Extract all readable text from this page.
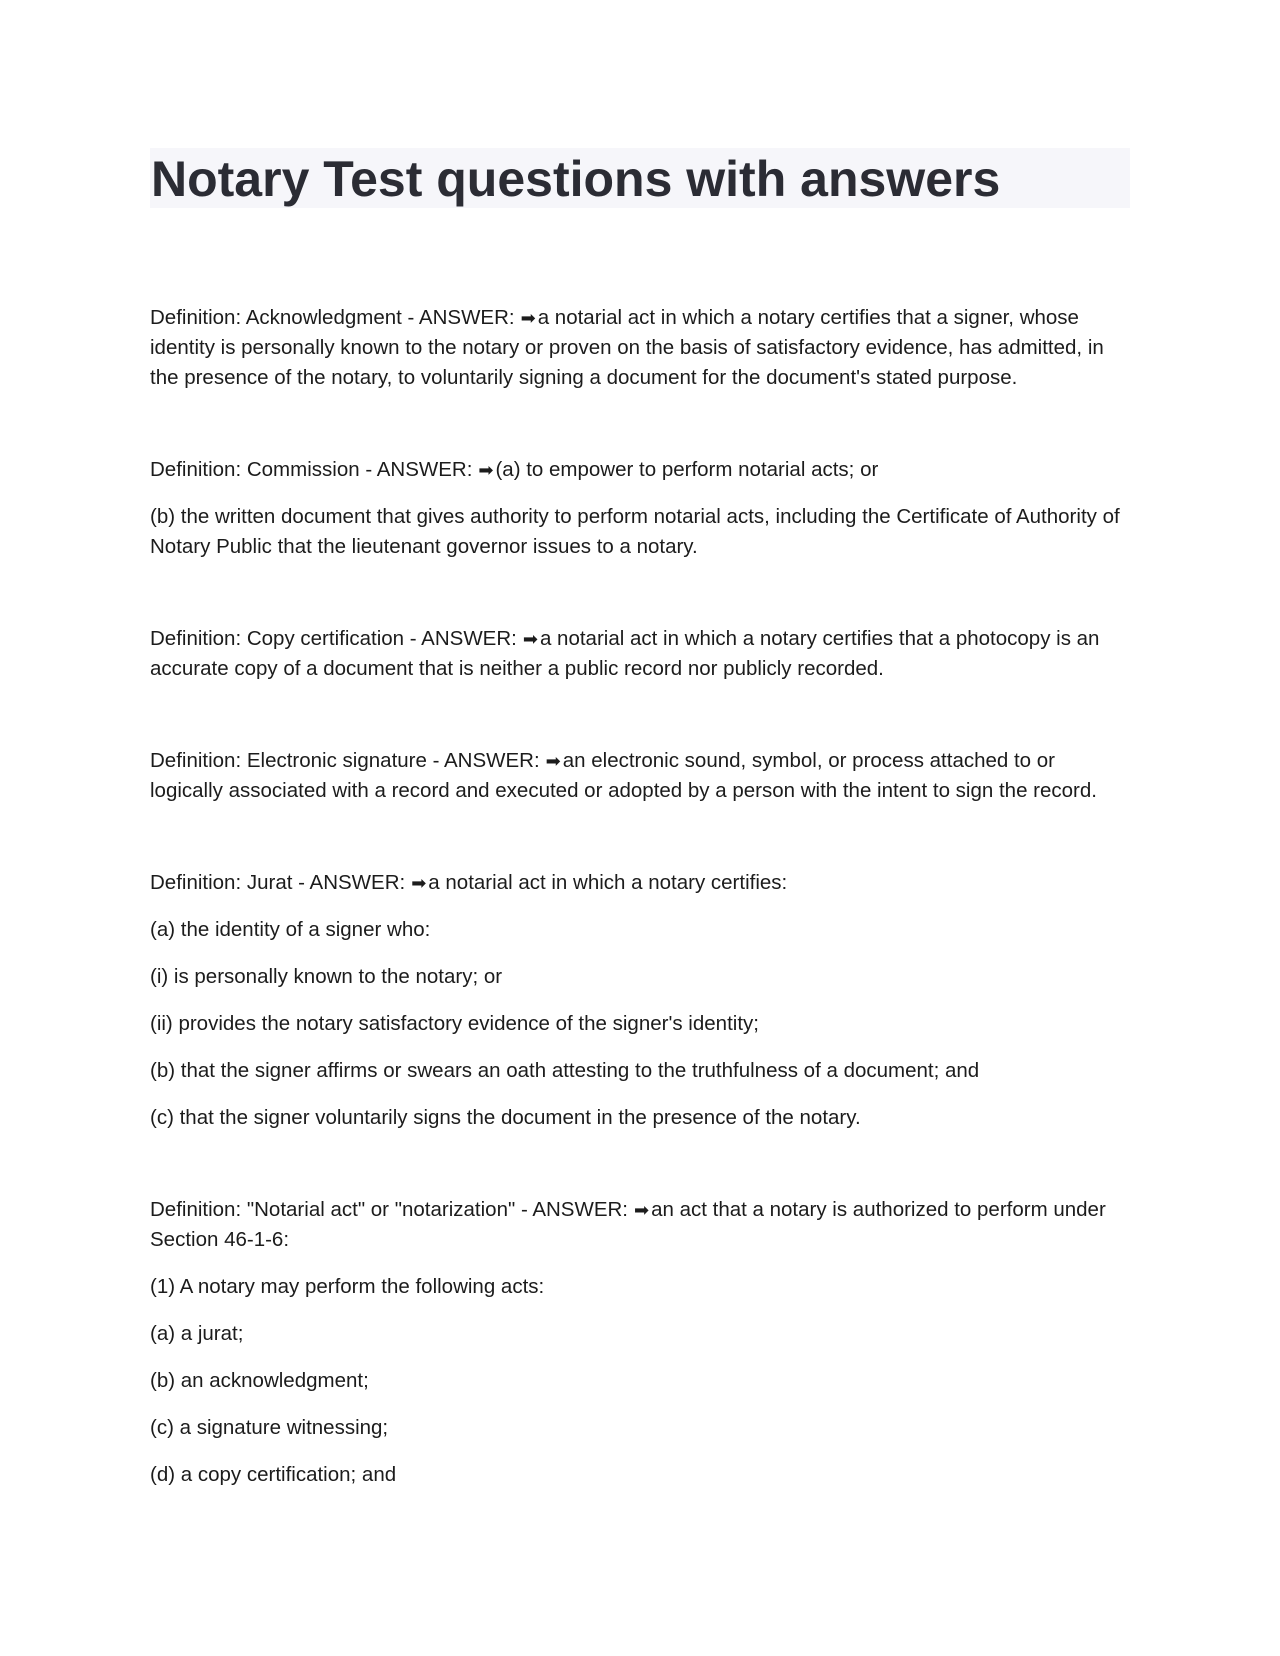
Notary Test questions with answers

Definition: Acknowledgment - ANSWER: ➡a notarial act in which a notary certifies that a signer, whose identity is personally known to the notary or proven on the basis of satisfactory evidence, has admitted, in the presence of the notary, to voluntarily signing a document for the document's stated purpose.

Definition: Commission - ANSWER: ➡(a) to empower to perform notarial acts; or

(b) the written document that gives authority to perform notarial acts, including the Certificate of Authority of Notary Public that the lieutenant governor issues to a notary.

Definition: Copy certification - ANSWER: ➡a notarial act in which a notary certifies that a photocopy is an accurate copy of a document that is neither a public record nor publicly recorded.

Definition: Electronic signature - ANSWER: ➡an electronic sound, symbol, or process attached to or logically associated with a record and executed or adopted by a person with the intent to sign the record.

Definition: Jurat - ANSWER: ➡a notarial act in which a notary certifies:

(a) the identity of a signer who:

(i) is personally known to the notary; or

(ii) provides the notary satisfactory evidence of the signer's identity;

(b) that the signer affirms or swears an oath attesting to the truthfulness of a document; and

(c) that the signer voluntarily signs the document in the presence of the notary.

Definition: "Notarial act" or "notarization" - ANSWER: ➡an act that a notary is authorized to perform under Section 46-1-6:

(1) A notary may perform the following acts:

(a) a jurat;

(b) an acknowledgment;

(c) a signature witnessing;

(d) a copy certification; and
